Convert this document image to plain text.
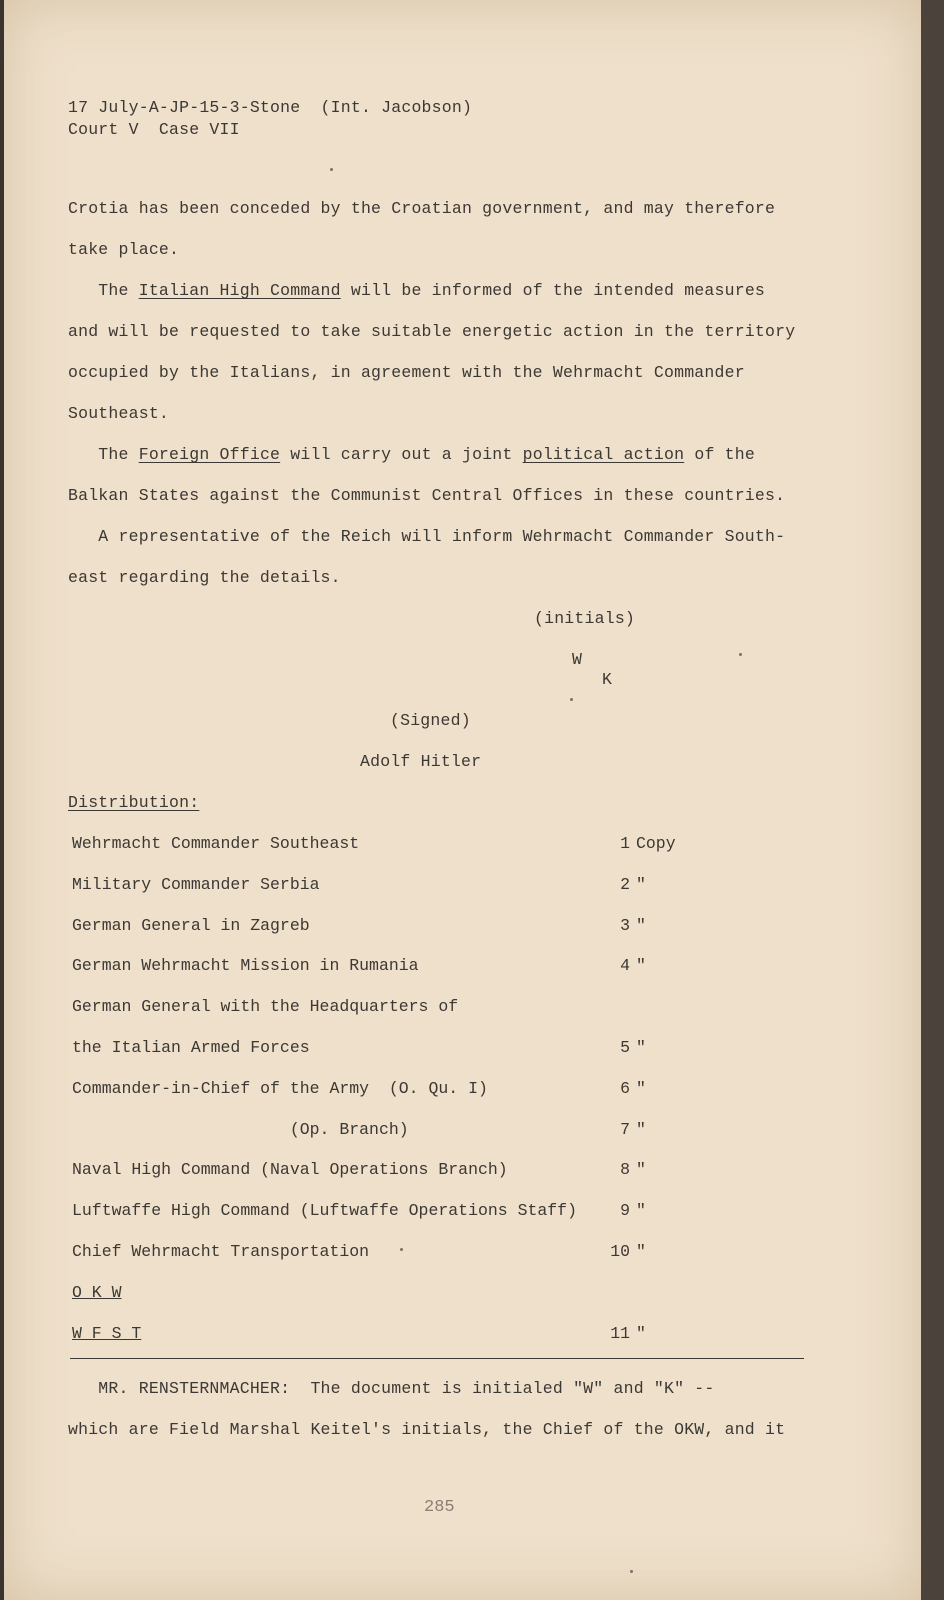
17 July-A-JP-15-3-Stone  (Int. Jacobson)
Court V  Case VII
Crotia has been conceded by the Croatian government, and may therefore
take place.
The Italian High Command will be informed of the intended measures
and will be requested to take suitable energetic action in the territory
occupied by the Italians, in agreement with the Wehrmacht Commander
Southeast.
The Foreign Office will carry out a joint political action of the
Balkan States against the Communist Central Offices in these countries.
A representative of the Reich will inform Wehrmacht Commander South-
east regarding the details.
(initials)
W
K
(Signed)
Adolf Hitler
Distribution:
Wehrmacht Commander Southeast	1 Copy
Military Commander Serbia	2 "
German General in Zagreb	3 "
German Wehrmacht Mission in Rumania	4 "
German General with the Headquarters of
the Italian Armed Forces	5 "
Commander-in-Chief of the Army  (O. Qu. I)	6 "
(Op. Branch)	7 "
Naval High Command (Naval Operations Branch)	8 "
Luftwaffe High Command (Luftwaffe Operations Staff)	9 "
Chief Wehrmacht Transportation	10 "
O K W
W F S T	11 "
MR. RENSTERNMACHER:  The document is initialed "W" and "K" --
which are Field Marshal Keitel's initials, the Chief of the OKW, and it
285
